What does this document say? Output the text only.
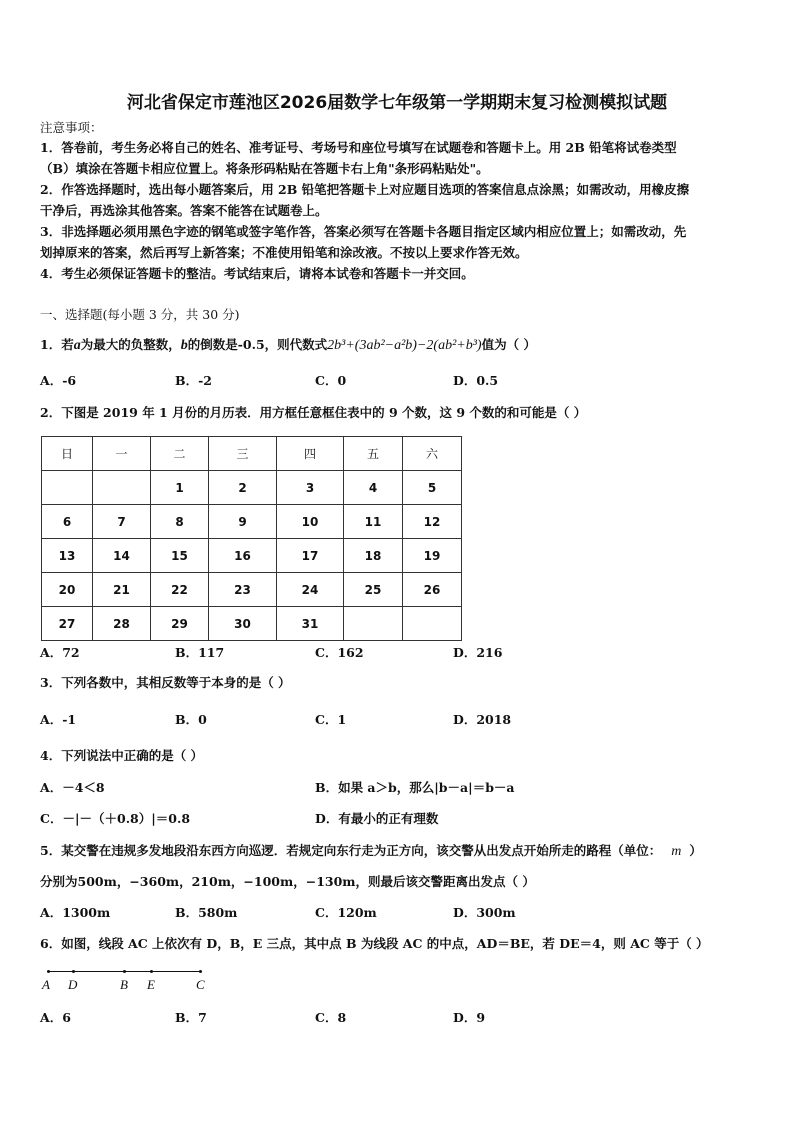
河北省保定市莲池区2026届数学七年级第一学期期末复习检测模拟试题
注意事项：
1．答卷前，考生务必将自己的姓名、准考证号、考场号和座位号填写在试题卷和答题卡上。用 2B 铅笔将试卷类型
（B）填涂在答题卡相应位置上。将条形码粘贴在答题卡右上角"条形码粘贴处"。
2．作答选择题时，选出每小题答案后，用 2B 铅笔把答题卡上对应题目选项的答案信息点涂黑；如需改动，用橡皮擦
干净后，再选涂其他答案。答案不能答在试题卷上。
3．非选择题必须用黑色字迹的钢笔或签字笔作答，答案必须写在答题卡各题目指定区域内相应位置上；如需改动，先
划掉原来的答案，然后再写上新答案；不准使用铅笔和涂改液。不按以上要求作答无效。
4．考生必须保证答题卡的整洁。考试结束后，请将本试卷和答题卡一并交回。
一、选择题(每小题 3 分，共 30 分)
1．若a为最大的负整数，b的倒数是-0.5，则代数式2b³+(3ab²−a²b)−2(ab²+b³)值为（ ）
A．-6	B．-2	C．0	D．0.5
2．下图是 2019 年 1 月份的月历表．用方框任意框住表中的 9 个数，这 9 个数的和可能是（ ）
日	一	二	三	四	五	六
		1	2	3	4	5
6	7	8	9	10	11	12
13	14	15	16	17	18	19
20	21	22	23	24	25	26
27	28	29	30	31		
A．72	B．117	C．162	D．216
3．下列各数中，其相反数等于本身的是（ ）
A．-1	B．0	C．1	D．2018
4．下列说法中正确的是（ ）
A．－4＜8	B．如果 a＞b，那么|b－a|＝b－a
C．－|－（＋0.8）|＝0.8	D．有最小的正有理数
5．某交警在违规多发地段沿东西方向巡逻．若规定向东行走为正方向，该交警从出发点开始所走的路程（单位： m ）
分别为500m，−360m，210m，−100m，−130m，则最后该交警距离出发点（ ）
A．1300m	B．580m	C．120m	D．300m
6．如图，线段 AC 上依次有 D，B，E 三点，其中点 B 为线段 AC 的中点，AD＝BE，若 DE＝4，则 AC 等于（ ）
A D	B E	C
A．6	B．7	C．8	D．9
